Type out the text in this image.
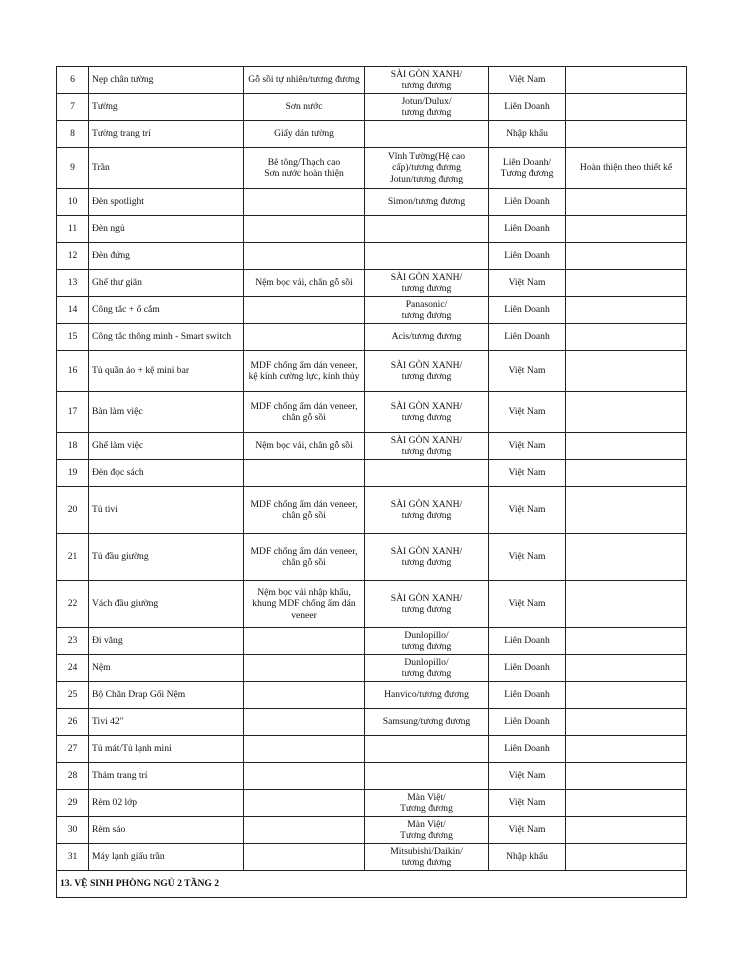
6	Nẹp chân tường	Gỗ sồi tự nhiên/tương đương	SÀI GÒN XANH/
tương đương	Việt Nam	
7	Tường	Sơn nước	Jotun/Dulux/
tương đương	Liên Doanh	
8	Tường trang trí	Giấy dán tường		Nhập khẩu	
9	Trần	Bê tông/Thạch cao
Sơn nước hoàn thiện	Vĩnh Tường(Hệ cao
cấp)/tương đương
Jotun/tương đương	Liên Doanh/
Tương đương	Hoàn thiện theo thiết kế
10	Đèn spotlight		Simon/tương đương	Liên Doanh	
11	Đèn ngủ			Liên Doanh	
12	Đèn đứng			Liên Doanh	
13	Ghế thư giãn	Nệm bọc vải, chân gỗ sồi	SÀI GÒN XANH/
tương đương	Việt Nam	
14	Công tắc + ổ cắm		Panasonic/
tương đương	Liên Doanh	
15	Công tắc thông minh - Smart switch		Acis/tương đương	Liên Doanh	
16	Tủ quần áo + kệ mini bar	MDF chống ẩm dán veneer,
kệ kính cường lực, kính thủy	SÀI GÒN XANH/
tương đương	Việt Nam	
17	Bàn làm việc	MDF chống ẩm dán veneer,
chân gỗ sồi	SÀI GÒN XANH/
tương đương	Việt Nam	
18	Ghế làm việc	Nệm bọc vải, chân gỗ sồi	SÀI GÒN XANH/
tương đương	Việt Nam	
19	Đèn đọc sách			Việt Nam	
20	Tủ tivi	MDF chống ẩm dán veneer,
chân gỗ sồi	SÀI GÒN XANH/
tương đương	Việt Nam	
21	Tủ đầu giường	MDF chống ẩm dán veneer,
chân gỗ sồi	SÀI GÒN XANH/
tương đương	Việt Nam	
22	Vách đầu giường	Nệm bọc vải nhập khẩu,
khung MDF chống ẩm dán
veneer	SÀI GÒN XANH/
tương đương	Việt Nam	
23	Đi văng		Dunlopillo/
tương đương	Liên Doanh	
24	Nệm		Dunlopillo/
tương đương	Liên Doanh	
25	Bộ Chăn Drap Gối Nệm		Hanvico/tương đương	Liên Doanh	
26	Tivi 42"		Samsung/tương đương	Liên Doanh	
27	Tủ mát/Tủ lạnh mini			Liên Doanh	
28	Thảm trang trí			Việt Nam	
29	Rèm 02 lớp		Màn Việt/
Tương đương	Việt Nam	
30	Rèm sáo		Màn Việt/
Tương đương	Việt Nam	
31	Máy lạnh giấu trần		Mitsubishi/Daikin/
tương đương	Nhập khẩu	
13. VỆ SINH PHÒNG NGỦ 2 TẦNG 2					
